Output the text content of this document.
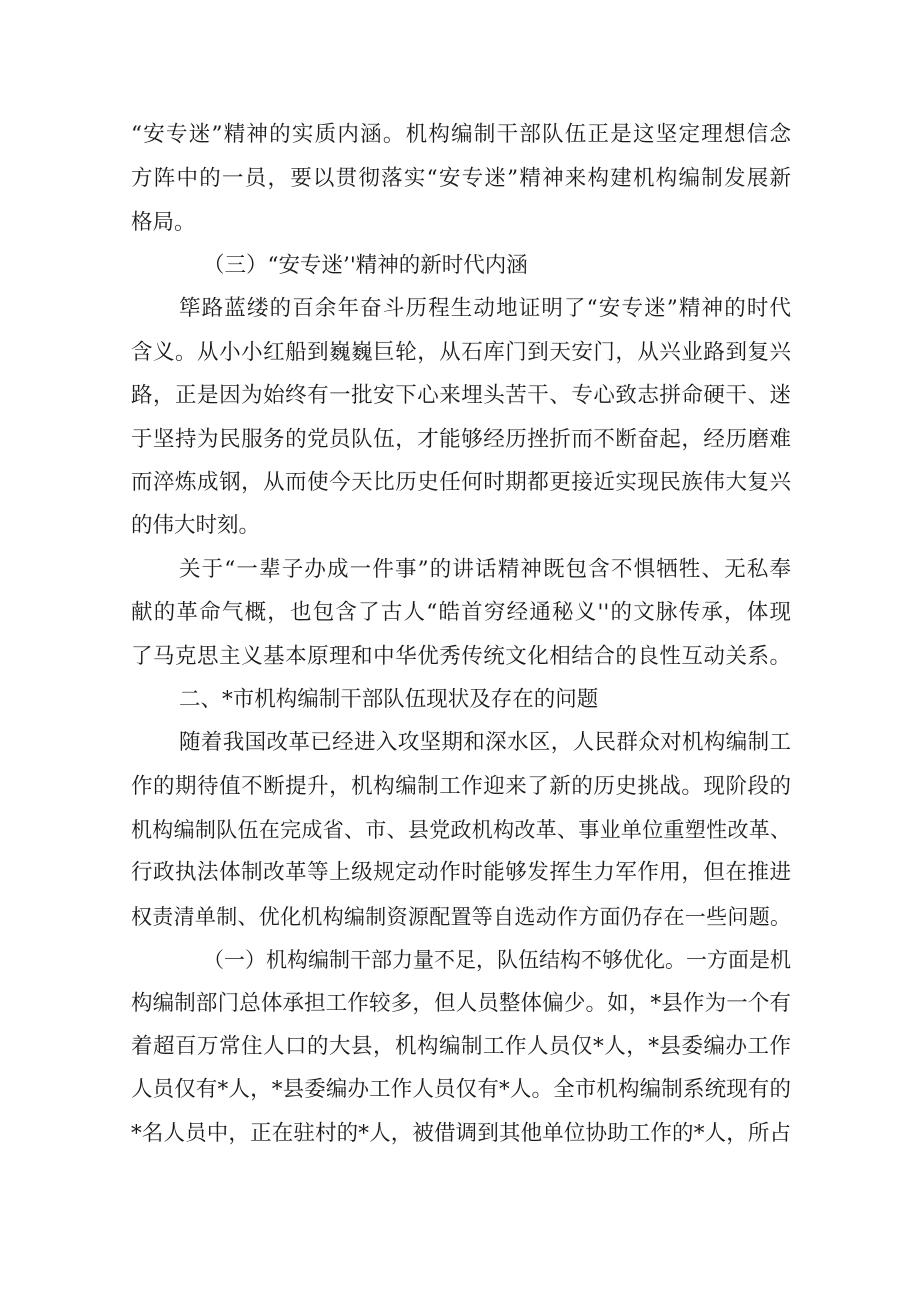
“安专迷”精神的实质内涵。机构编制干部队伍正是这坚定理想信念
方阵中的一员，要以贯彻落实“安专迷”精神来构建机构编制发展新
格局。
（三）“安专迷’'精神的新时代内涵
筚路蓝缕的百余年奋斗历程生动地证明了“安专迷”精神的时代
含义。从小小红船到巍巍巨轮，从石库门到天安门，从兴业路到复兴
路，正是因为始终有一批安下心来埋头苦干、专心致志拼命硬干、迷
于坚持为民服务的党员队伍，才能够经历挫折而不断奋起，经历磨难
而淬炼成钢，从而使今天比历史任何时期都更接近实现民族伟大复兴
的伟大时刻。
关于“一辈子办成一件事”的讲话精神既包含不惧牺牲、无私奉
献的革命气概，也包含了古人“皓首穷经通秘义''的文脉传承，体现
了马克思主义基本原理和中华优秀传统文化相结合的良性互动关系。
二、*市机构编制干部队伍现状及存在的问题
随着我国改革已经进入攻坚期和深水区，人民群众对机构编制工
作的期待值不断提升，机构编制工作迎来了新的历史挑战。现阶段的
机构编制队伍在完成省、市、县党政机构改革、事业单位重塑性改革、
行政执法体制改革等上级规定动作时能够发挥生力军作用，但在推进
权责清单制、优化机构编制资源配置等自选动作方面仍存在一些问题。
（一）机构编制干部力量不足，队伍结构不够优化。一方面是机
构编制部门总体承担工作较多，但人员整体偏少。如，*县作为一个有
着超百万常住人口的大县，机构编制工作人员仅*人，*县委编办工作
人员仅有*人，*县委编办工作人员仅有*人。全市机构编制系统现有的
*名人员中，正在驻村的*人，被借调到其他单位协助工作的*人，所占
